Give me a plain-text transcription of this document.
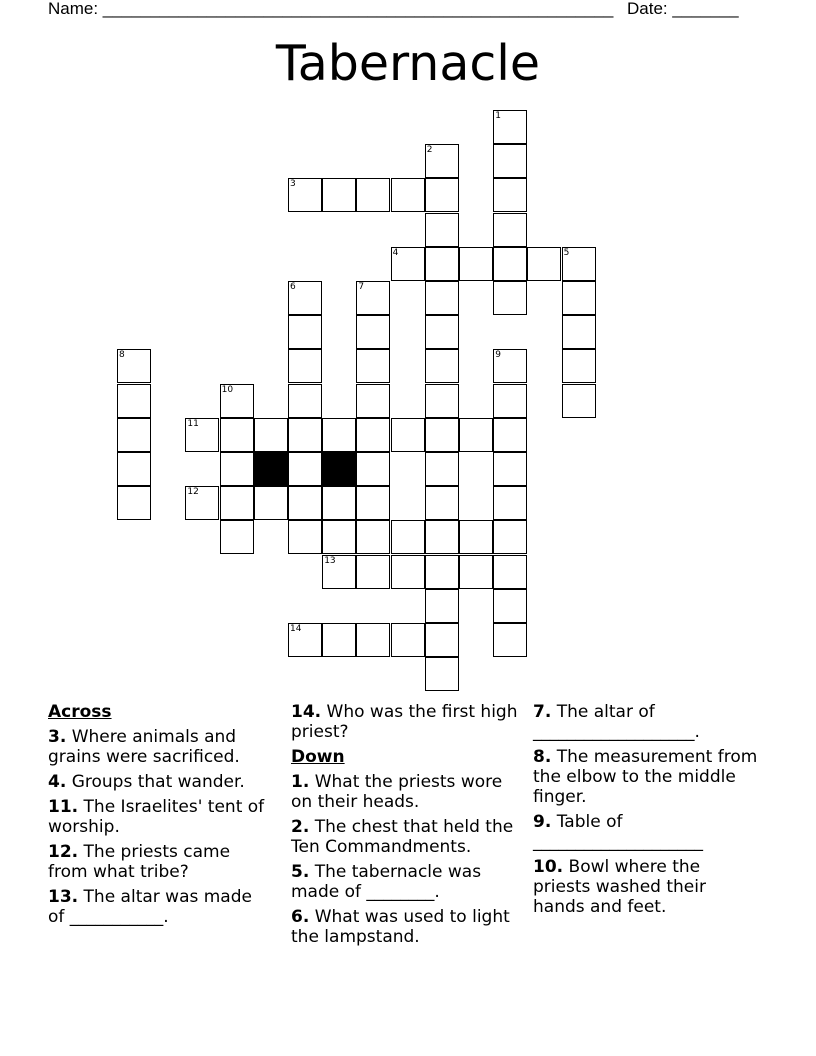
Name: ______________________________________________________ Date: _______
Tabernacle
1
2
3
4	5
6	7
8	9
10
11
12
13
14
Across
3. Where animals and grains were sacrificed.
4. Groups that wander.
11. The Israelites' tent of worship.
12. The priests came from what tribe?
13. The altar was made of ___________.
14. Who was the first high priest?
Down
1. What the priests wore on their heads.
2. The chest that held the Ten Commandments.
5. The tabernacle was made of ________.
6. What was used to light the lampstand.
7. The altar of ___________________.
8. The measurement from the elbow to the middle finger.
9. Table of ____________________
10. Bowl where the priests washed their hands and feet.
